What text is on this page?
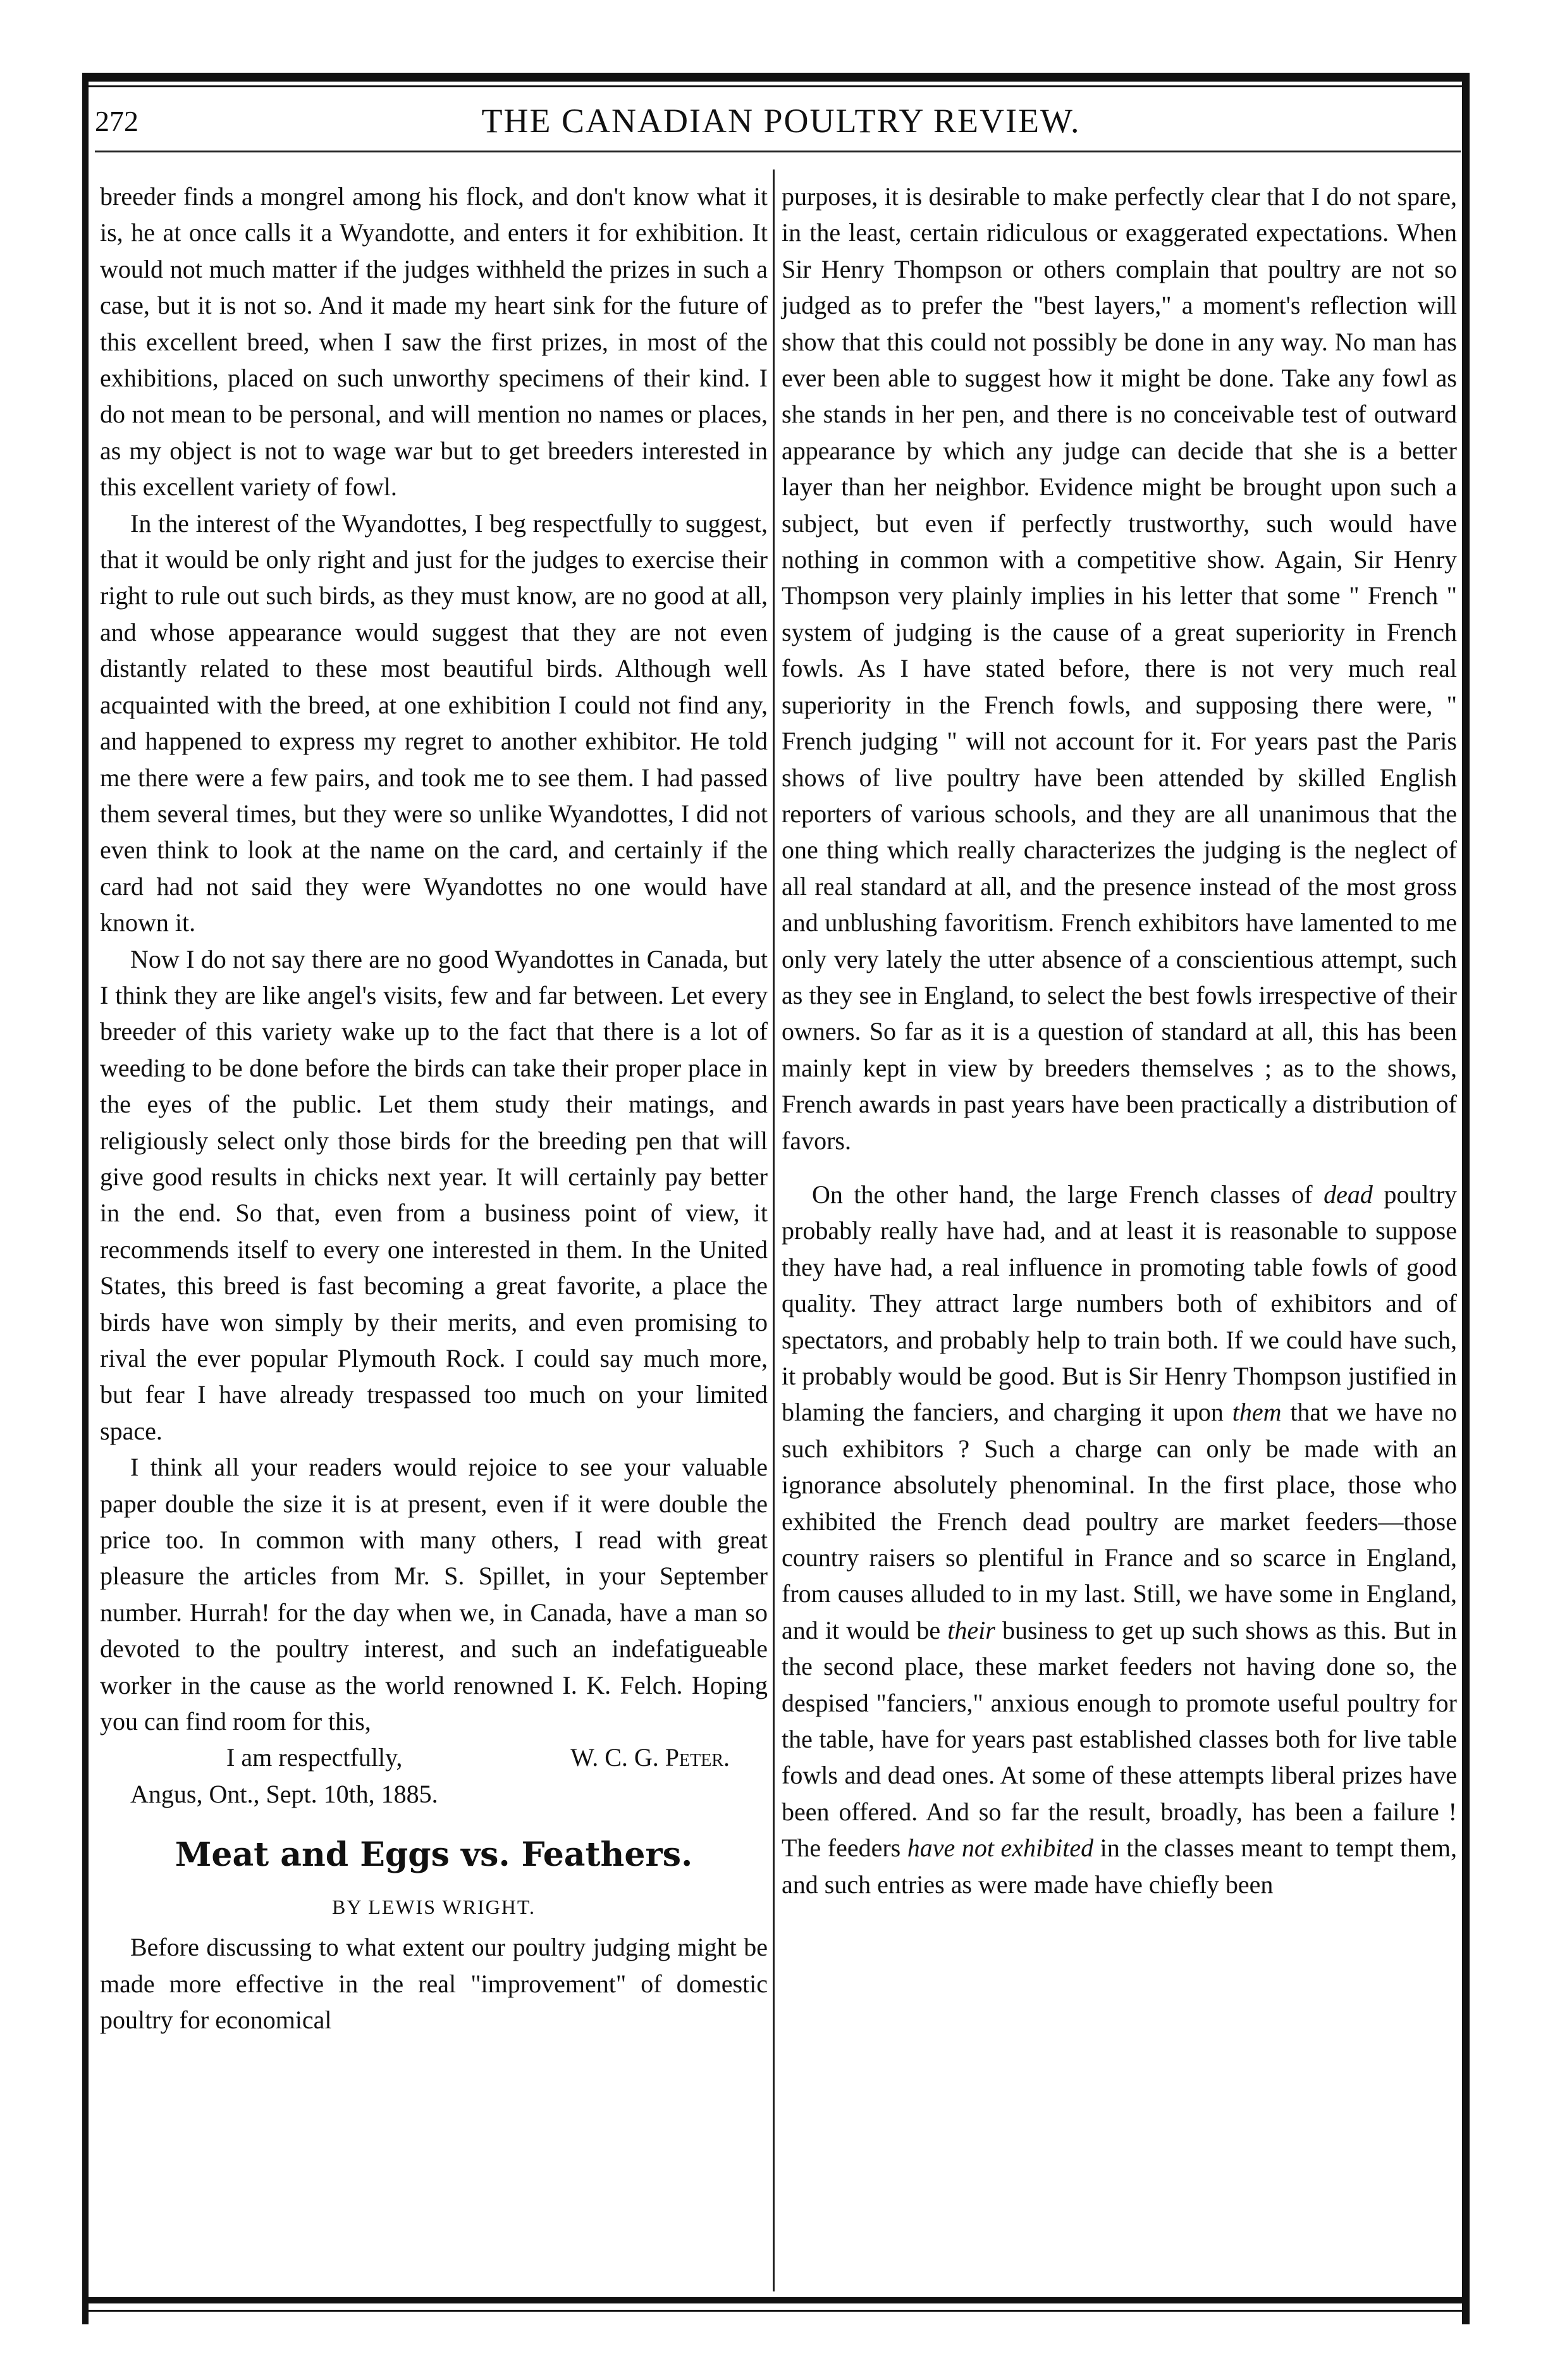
272	THE CANADIAN POULTRY REVIEW.

breeder finds a mongrel among his flock, and don't know what it is, he at once calls it a Wyandotte, and enters it for exhibition. It would not much matter if the judges withheld the prizes in such a case, but it is not so. And it made my heart sink for the future of this excellent breed, when I saw the first prizes, in most of the exhibitions, placed on such unworthy specimens of their kind. I do not mean to be personal, and will mention no names or places, as my object is not to wage war but to get breeders interested in this excellent variety of fowl.

In the interest of the Wyandottes, I beg respectfully to suggest, that it would be only right and just for the judges to exercise their right to rule out such birds, as they must know, are no good at all, and whose appearance would suggest that they are not even distantly related to these most beautiful birds. Although well acquainted with the breed, at one exhibition I could not find any, and happened to express my regret to another exhibitor. He told me there were a few pairs, and took me to see them. I had passed them several times, but they were so unlike Wyandottes, I did not even think to look at the name on the card, and certainly if the card had not said they were Wyandottes no one would have known it.

Now I do not say there are no good Wyandottes in Canada, but I think they are like angel's visits, few and far between. Let every breeder of this variety wake up to the fact that there is a lot of weeding to be done before the birds can take their proper place in the eyes of the public. Let them study their matings, and religiously select only those birds for the breeding pen that will give good results in chicks next year. It will certainly pay better in the end. So that, even from a business point of view, it recommends itself to every one interested in them. In the United States, this breed is fast becoming a great favorite, a place the birds have won simply by their merits, and even promising to rival the ever popular Plymouth Rock. I could say much more, but fear I have already trespassed too much on your limited space.

I think all your readers would rejoice to see your valuable paper double the size it is at present, even if it were double the price too. In common with many others, I read with great pleasure the articles from Mr. S. Spillet, in your September number. Hurrah! for the day when we, in Canada, have a man so devoted to the poultry interest, and such an indefatigueable worker in the cause as the world renowned I. K. Felch. Hoping you can find room for this,

I am respectfully,	W. C. G. Peter.

Angus, Ont., Sept. 10th, 1885.

Meat and Eggs vs. Feathers.
BY LEWIS WRIGHT.

Before discussing to what extent our poultry judging might be made more effective in the real "improvement" of domestic poultry for economical

purposes, it is desirable to make perfectly clear that I do not spare, in the least, certain ridiculous or exaggerated expectations. When Sir Henry Thompson or others complain that poultry are not so judged as to prefer the "best layers," a moment's reflection will show that this could not possibly be done in any way. No man has ever been able to suggest how it might be done. Take any fowl as she stands in her pen, and there is no conceivable test of outward appearance by which any judge can decide that she is a better layer than her neighbor. Evidence might be brought upon such a subject, but even if perfectly trustworthy, such would have nothing in common with a competitive show. Again, Sir Henry Thompson very plainly implies in his letter that some " French " system of judging is the cause of a great superiority in French fowls. As I have stated before, there is not very much real superiority in the French fowls, and supposing there were, " French judging " will not account for it. For years past the Paris shows of live poultry have been attended by skilled English reporters of various schools, and they are all unanimous that the one thing which really characterizes the judging is the neglect of all real standard at all, and the presence instead of the most gross and unblushing favoritism. French exhibitors have lamented to me only very lately the utter absence of a conscientious attempt, such as they see in England, to select the best fowls irrespective of their owners. So far as it is a question of standard at all, this has been mainly kept in view by breeders themselves ; as to the shows, French awards in past years have been practically a distribution of favors.

On the other hand, the large French classes of dead poultry probably really have had, and at least it is reasonable to suppose they have had, a real influence in promoting table fowls of good quality. They attract large numbers both of exhibitors and of spectators, and probably help to train both. If we could have such, it probably would be good. But is Sir Henry Thompson justified in blaming the fanciers, and charging it upon them that we have no such exhibitors ? Such a charge can only be made with an ignorance absolutely phenominal. In the first place, those who exhibited the French dead poultry are market feeders—those country raisers so plentiful in France and so scarce in England, from causes alluded to in my last. Still, we have some in England, and it would be their business to get up such shows as this. But in the second place, these market feeders not having done so, the despised "fanciers," anxious enough to promote useful poultry for the table, have for years past established classes both for live table fowls and dead ones. At some of these attempts liberal prizes have been offered. And so far the result, broadly, has been a failure ! The feeders have not exhibited in the classes meant to tempt them, and such entries as were made have chiefly been
